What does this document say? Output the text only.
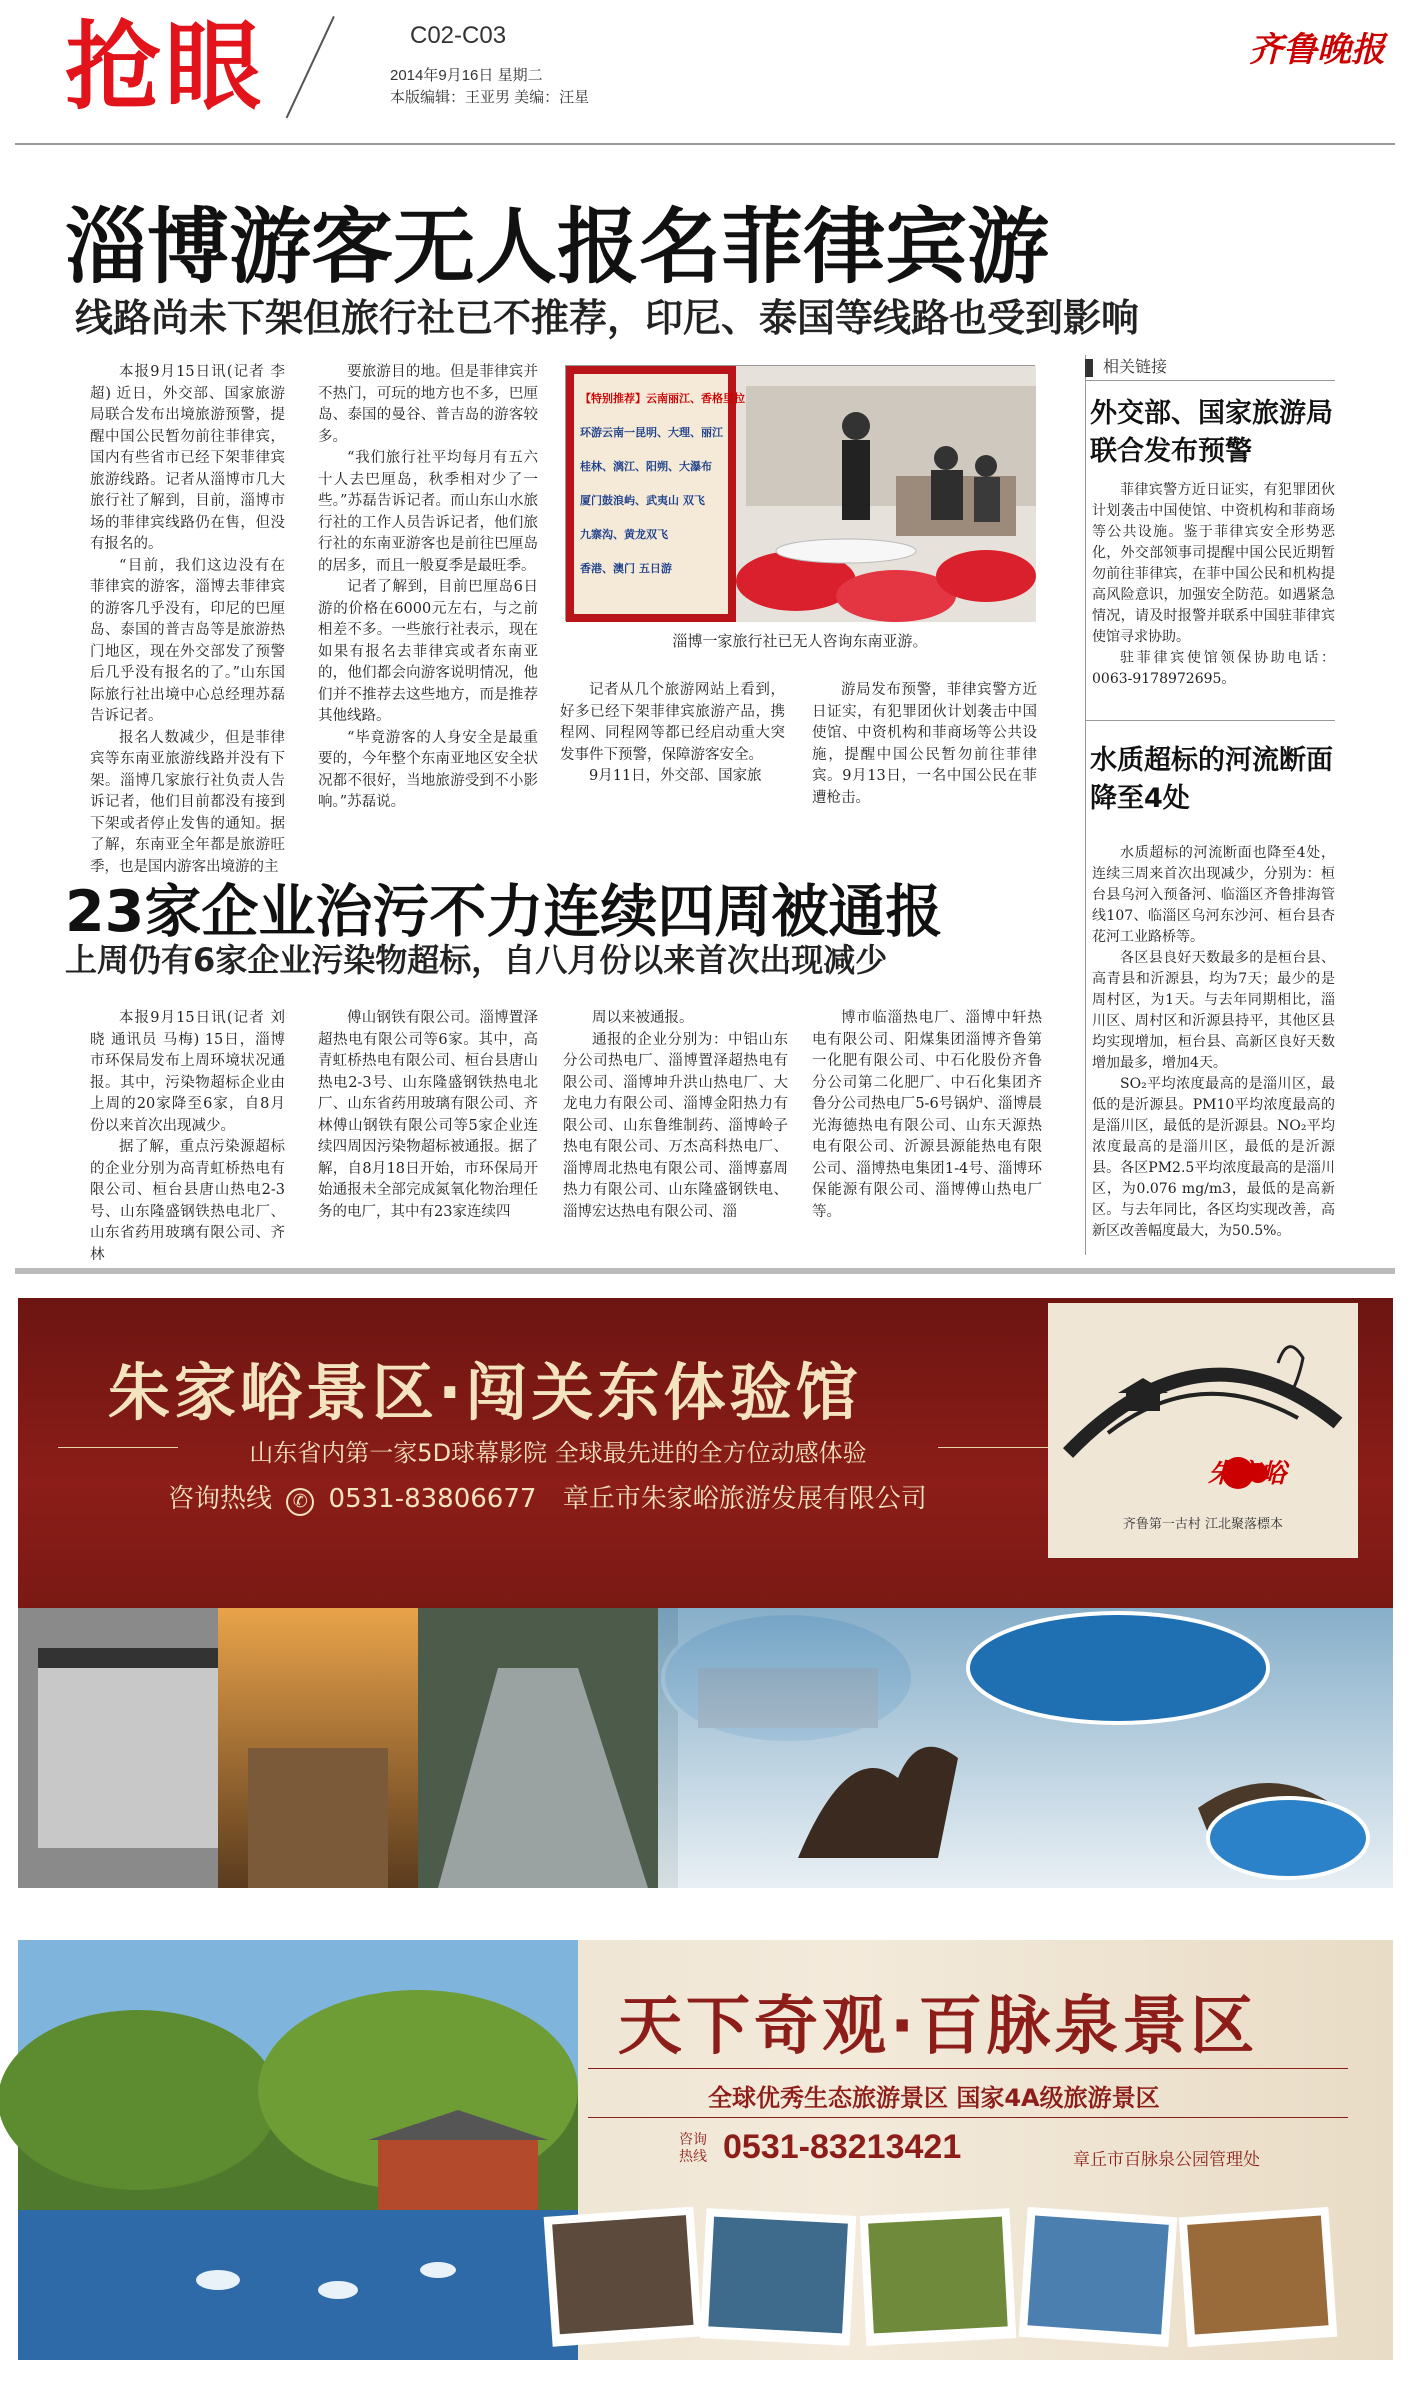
抢眼	C02-C03
2014年9月16日 星期二
本版编辑：王亚男 美编：汪星
齐鲁晚报
淄博游客无人报名菲律宾游
线路尚未下架但旅行社已不推荐，印尼、泰国等线路也受到影响

本报9月15日讯(记者 李超) 近日，外交部、国家旅游局联合发布出境旅游预警，提醒中国公民暂勿前往菲律宾，国内有些省市已经下架菲律宾旅游线路。记者从淄博市几大旅行社了解到，目前，淄博市场的菲律宾线路仍在售，但没有报名的。

“目前，我们这边没有在菲律宾的游客，淄博去菲律宾的游客几乎没有，印尼的巴厘岛、泰国的普吉岛等是旅游热门地区，现在外交部发了预警后几乎没有报名的了。”山东国际旅行社出境中心总经理苏磊告诉记者。

报名人数减少，但是菲律宾等东南亚旅游线路并没有下架。淄博几家旅行社负责人告诉记者，他们目前都没有接到下架或者停止发售的通知。据了解，东南亚全年都是旅游旺季，也是国内游客出境游的主

要旅游目的地。但是菲律宾并不热门，可玩的地方也不多，巴厘岛、泰国的曼谷、普吉岛的游客较多。

“我们旅行社平均每月有五六十人去巴厘岛，秋季相对少了一些。”苏磊告诉记者。而山东山水旅行社的工作人员告诉记者，他们旅行社的东南亚游客也是前往巴厘岛的居多，而且一般夏季是最旺季。

记者了解到，目前巴厘岛6日游的价格在6000元左右，与之前相差不多。一些旅行社表示，现在如果有报名去菲律宾或者东南亚的，他们都会向游客说明情况，他们并不推荐去这些地方，而是推荐其他线路。

“毕竟游客的人身安全是最重要的，今年整个东南亚地区安全状况都不很好，当地旅游受到不小影响。”苏磊说。

【特别推荐】云南丽江、香格里拉
环游云南一昆明、大理、丽江
桂林、漓江、阳朔、大瀑布
厦门鼓浪屿、武夷山 双飞
九寨沟、黄龙双飞
香港、澳门 五日游
淄博一家旅行社已无人咨询东南亚游。

记者从几个旅游网站上看到，好多已经下架菲律宾旅游产品，携程网、同程网等都已经启动重大突发事件下预警，保障游客安全。

9月11日，外交部、国家旅

游局发布预警，菲律宾警方近日证实，有犯罪团伙计划袭击中国使馆、中资机构和菲商场等公共设施，提醒中国公民暂勿前往菲律宾。9月13日，一名中国公民在菲遭枪击。

相关链接
外交部、国家旅游局联合发布预警

菲律宾警方近日证实，有犯罪团伙计划袭击中国使馆、中资机构和菲商场等公共设施。鉴于菲律宾安全形势恶化，外交部领事司提醒中国公民近期暂勿前往菲律宾，在菲中国公民和机构提高风险意识，加强安全防范。如遇紧急情况，请及时报警并联系中国驻菲律宾使馆寻求协助。

驻菲律宾使馆领保协助电话：0063-9178972695。

水质超标的河流断面降至4处

水质超标的河流断面也降至4处，连续三周来首次出现减少，分别为：桓台县乌河入预备河、临淄区齐鲁排海管线107、临淄区乌河东沙河、桓台县杏花河工业路桥等。

各区县良好天数最多的是桓台县、高青县和沂源县，均为7天；最少的是周村区，为1天。与去年同期相比，淄川区、周村区和沂源县持平，其他区县均实现增加，桓台县、高新区良好天数增加最多，增加4天。

SO₂平均浓度最高的是淄川区，最低的是沂源县。PM10平均浓度最高的是淄川区，最低的是沂源县。NO₂平均浓度最高的是淄川区，最低的是沂源县。各区PM2.5平均浓度最高的是淄川区，为0.076 mg/m3，最低的是高新区。与去年同比，各区均实现改善，高新区改善幅度最大，为50.5%。

23家企业治污不力连续四周被通报
上周仍有6家企业污染物超标，自八月份以来首次出现减少

本报9月15日讯(记者 刘晓 通讯员 马梅) 15日，淄博市环保局发布上周环境状况通报。其中，污染物超标企业由上周的20家降至6家，自8月份以来首次出现减少。

据了解，重点污染源超标的企业分别为高青虹桥热电有限公司、桓台县唐山热电2-3号、山东隆盛钢铁热电北厂、山东省药用玻璃有限公司、齐林

傅山钢铁有限公司。淄博置泽超热电有限公司等6家。其中，高青虹桥热电有限公司、桓台县唐山热电2-3号、山东隆盛钢铁热电北厂、山东省药用玻璃有限公司、齐林傅山钢铁有限公司等5家企业连续四周因污染物超标被通报。据了解，自8月18日开始，市环保局开始通报未全部完成氮氧化物治理任务的电厂，其中有23家连续四

周以来被通报。

通报的企业分别为：中铝山东分公司热电厂、淄博置泽超热电有限公司、淄博坤升洪山热电厂、大龙电力有限公司、淄博金阳热力有限公司、山东鲁维制药、淄博岭子热电有限公司、万杰高科热电厂、淄博周北热电有限公司、淄博嘉周热力有限公司、山东隆盛钢铁电、淄博宏达热电有限公司、淄

博市临淄热电厂、淄博中轩热电有限公司、阳煤集团淄博齐鲁第一化肥有限公司、中石化股份齐鲁分公司第二化肥厂、中石化集团齐鲁分公司热电厂5-6号锅炉、淄博晨光海德热电有限公司、山东天源热电有限公司、沂源县源能热电有限公司、淄博热电集团1-4号、淄博环保能源有限公司、淄博傅山热电厂等。

朱家峪景区·闯关东体验馆
山东省内第一家5D球幕影院 全球最先进的全方位动感体验
咨询热线 ✆ 0531-83806677 章丘市朱家峪旅游发展有限公司
朱家峪
齐鲁第一古村 江北聚落標本
天下奇观·百脉泉景区
全球优秀生态旅游景区 国家4A级旅游景区
咨询热线 0531-83213421	章丘市百脉泉公园管理处
